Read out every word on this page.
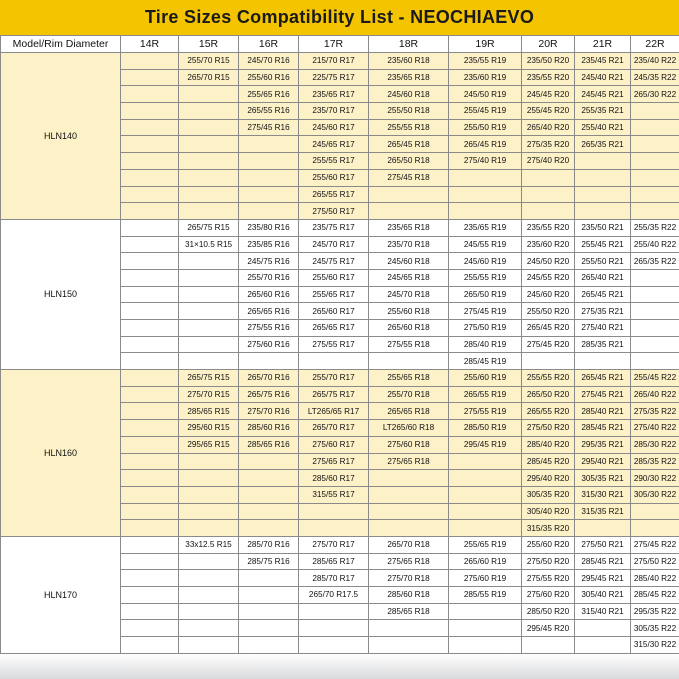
Tire Sizes Compatibility List - NEOCHIAEVO
Model/Rim Diameter	14R	15R	16R	17R	18R	19R	20R	21R	22R
HLN140		255/70 R15	245/70 R16	215/70 R17	235/60 R18	235/55 R19	235/50 R20	235/45 R21	235/40 R22
		265/70 R15	255/60 R16	225/75 R17	235/65 R18	235/60 R19	235/55 R20	245/40 R21	245/35 R22
			255/65 R16	235/65 R17	245/60 R18	245/50 R19	245/45 R20	245/45 R21	265/30 R22
			265/55 R16	235/70 R17	255/50 R18	255/45 R19	255/45 R20	255/35 R21	
			275/45 R16	245/60 R17	255/55 R18	255/50 R19	265/40 R20	255/40 R21	
				245/65 R17	265/45 R18	265/45 R19	275/35 R20	265/35 R21	
				255/55 R17	265/50 R18	275/40 R19	275/40 R20		
				255/60 R17	275/45 R18				
				265/55 R17					
				275/50 R17					
HLN150		265/75 R15	235/80 R16	235/75 R17	235/65 R18	235/65 R19	235/55 R20	235/50 R21	255/35 R22
		31×10.5 R15	235/85 R16	245/70 R17	235/70 R18	245/55 R19	235/60 R20	255/45 R21	255/40 R22
			245/75 R16	245/75 R17	245/60 R18	245/60 R19	245/50 R20	255/50 R21	265/35 R22
			255/70 R16	255/60 R17	245/65 R18	255/55 R19	245/55 R20	265/40 R21	
			265/60 R16	255/65 R17	245/70 R18	265/50 R19	245/60 R20	265/45 R21	
			265/65 R16	265/60 R17	255/60 R18	275/45 R19	255/50 R20	275/35 R21	
			275/55 R16	265/65 R17	265/60 R18	275/50 R19	265/45 R20	275/40 R21	
			275/60 R16	275/55 R17	275/55 R18	285/40 R19	275/45 R20	285/35 R21	
						285/45 R19			
HLN160		265/75 R15	265/70 R16	255/70 R17	255/65 R18	255/60 R19	255/55 R20	265/45 R21	255/45 R22
		275/70 R15	265/75 R16	265/75 R17	255/70 R18	265/55 R19	265/50 R20	275/45 R21	265/40 R22
		285/65 R15	275/70 R16	LT265/65 R17	265/65 R18	275/55 R19	265/55 R20	285/40 R21	275/35 R22
		295/60 R15	285/60 R16	265/70 R17	LT265/60 R18	285/50 R19	275/50 R20	285/45 R21	275/40 R22
		295/65 R15	285/65 R16	275/60 R17	275/60 R18	295/45 R19	285/40 R20	295/35 R21	285/30 R22
				275/65 R17	275/65 R18		285/45 R20	295/40 R21	285/35 R22
				285/60 R17			295/40 R20	305/35 R21	290/30 R22
				315/55 R17			305/35 R20	315/30 R21	305/30 R22
							305/40 R20	315/35 R21	
							315/35 R20		
HLN170		33x12.5 R15	285/70 R16	275/70 R17	265/70 R18	255/65 R19	255/60 R20	275/50 R21	275/45 R22
			285/75 R16	285/65 R17	275/65 R18	265/60 R19	275/50 R20	285/45 R21	275/50 R22
				285/70 R17	275/70 R18	275/60 R19	275/55 R20	295/45 R21	285/40 R22
				265/70 R17.5	285/60 R18	285/55 R19	275/60 R20	305/40 R21	285/45 R22
					285/65 R18		285/50 R20	315/40 R21	295/35 R22
							295/45 R20		305/35 R22
									315/30 R22
